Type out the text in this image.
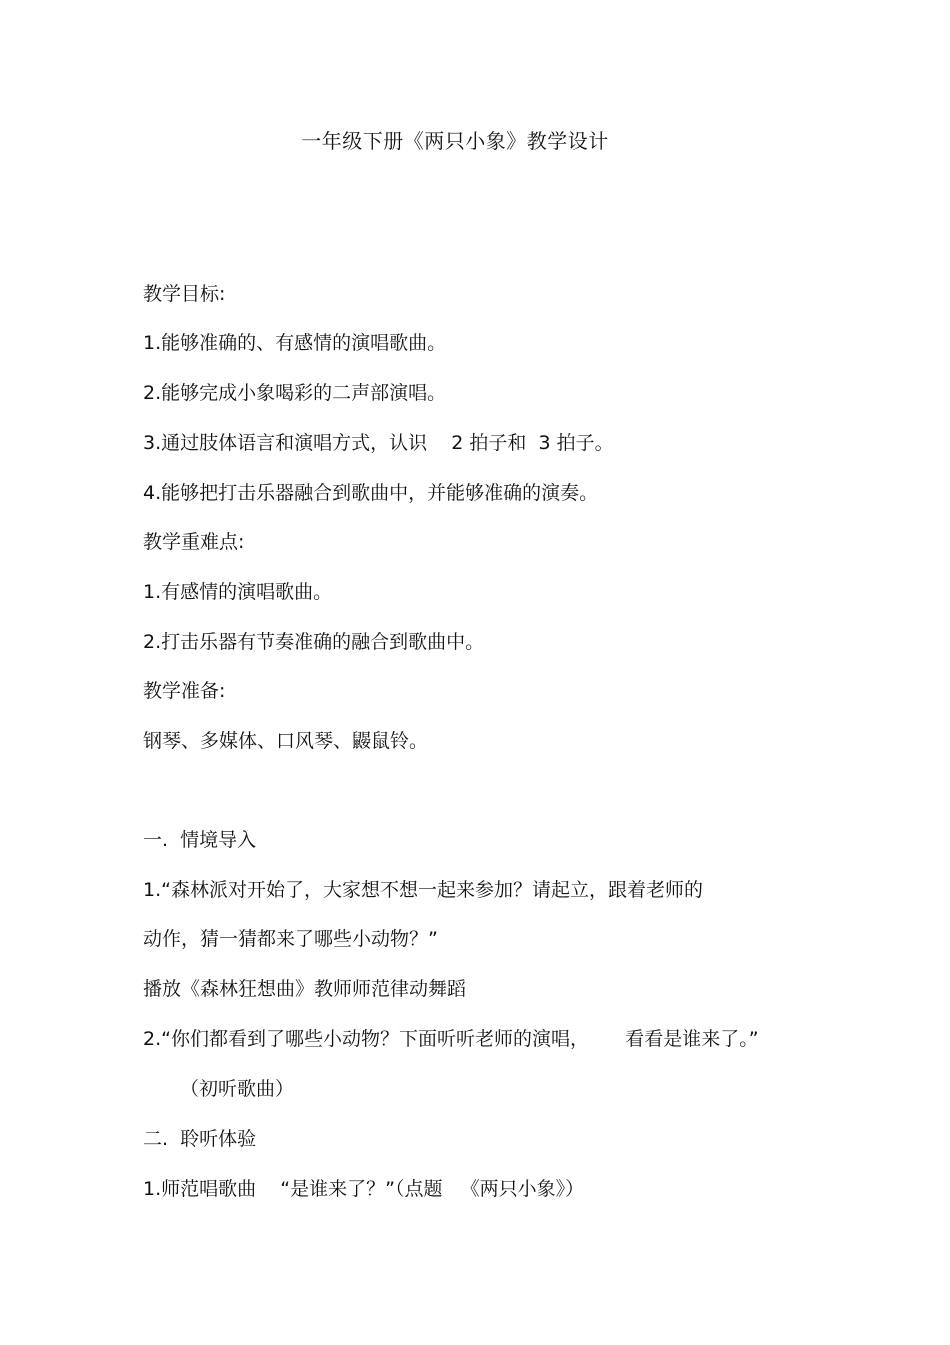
一年级下册《两只小象》教学设计
教学目标:
1.能够准确的、有感情的演唱歌曲。
2.能够完成小象喝彩的二声部演唱。
3.通过肢体语言和演唱方式，认识    2 拍子和  3 拍子。
4.能够把打击乐器融合到歌曲中，并能够准确的演奏。
教学重难点:
1.有感情的演唱歌曲。
2.打击乐器有节奏准确的融合到歌曲中。
教学准备:
钢琴、多媒体、口风琴、鼹鼠铃。
一.  情境导入
1.“森林派对开始了，大家想不想一起来参加？请起立，跟着老师的
动作，猜一猜都来了哪些小动物？”
播放《森林狂想曲》教师师范律动舞蹈
2.“你们都看到了哪些小动物？下面听听老师的演唱，      看看是谁来了。”
（初听歌曲）
二.  聆听体验
1.师范唱歌曲    “是谁来了？”（点题   《两只小象》）
